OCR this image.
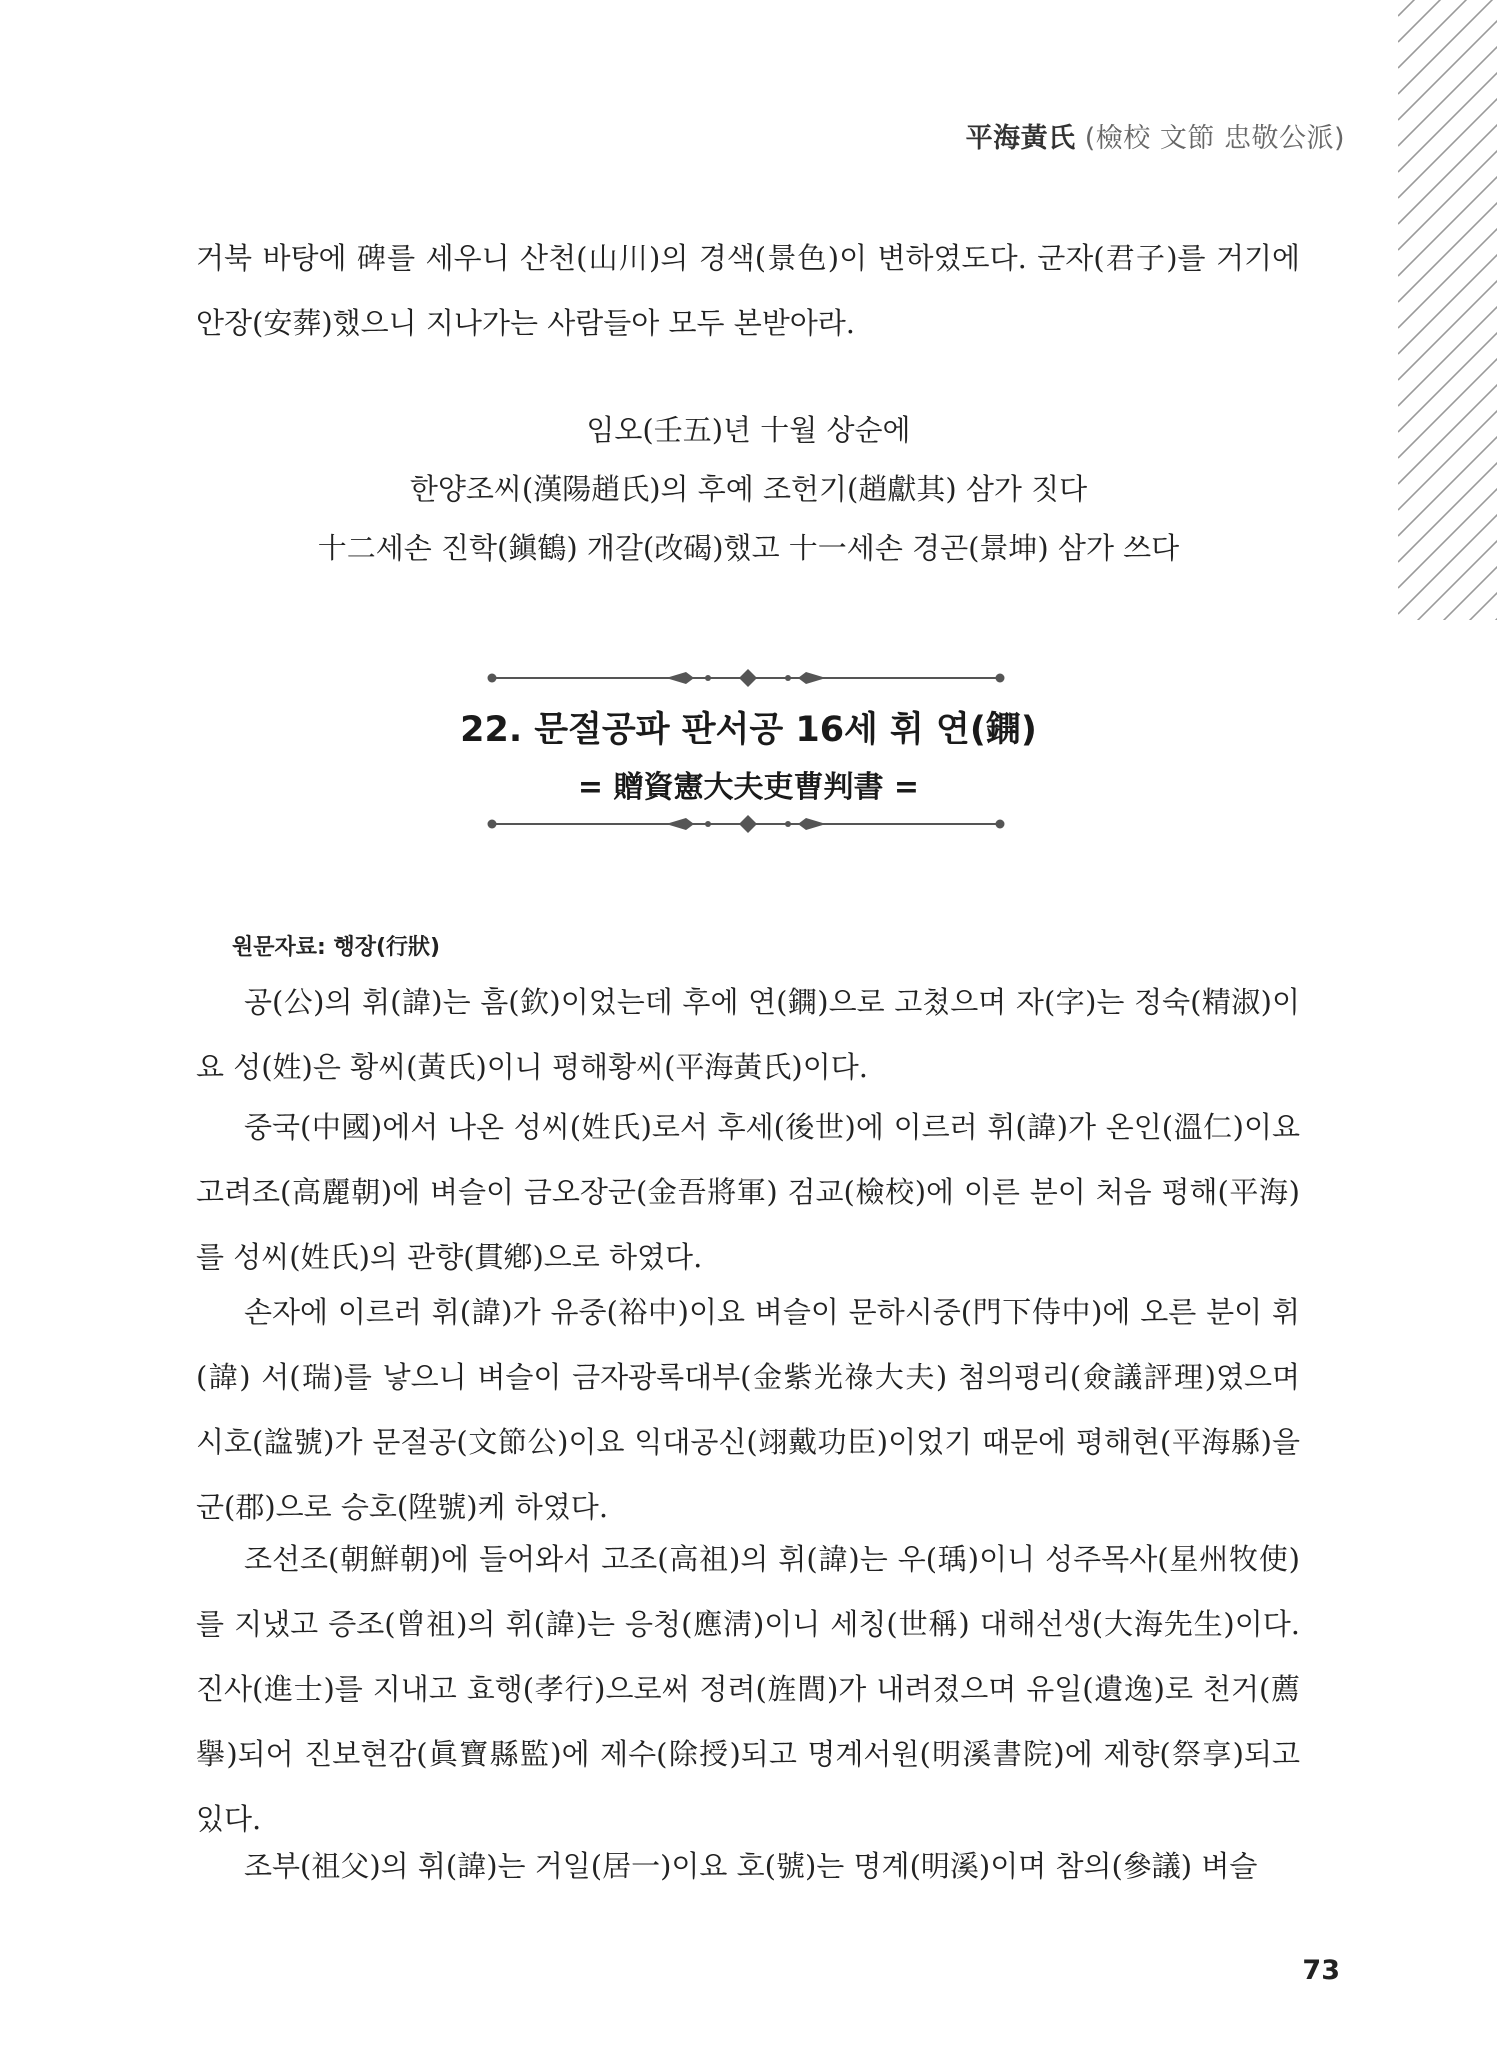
平海黃氏 (檢校 文節 忠敬公派)

거북 바탕에 碑를 세우니 산천(山川)의 경색(景色)이 변하였도다. 군자(君子)를 거기에 안장(安葬)했으니 지나가는 사람들아 모두 본받아라.

임오(壬五)년 十월 상순에

한양조씨(漢陽趙氏)의 후예 조헌기(趙獻其) 삼가 짓다

十二세손 진학(鎭鶴) 개갈(改碣)했고 十一세손 경곤(景坤) 삼가 쓰다

22. 문절공파 판서공 16세 휘 연(鐦)

= 贈資憲大夫吏曹判書 =

원문자료: 행장(行狀)

공(公)의 휘(諱)는 흠(欽)이었는데 후에 연(鐦)으로 고쳤으며 자(字)는 정숙(精淑)이요 성(姓)은 황씨(黃氏)이니 평해황씨(平海黃氏)이다.

중국(中國)에서 나온 성씨(姓氏)로서 후세(後世)에 이르러 휘(諱)가 온인(溫仁)이요 고려조(高麗朝)에 벼슬이 금오장군(金吾將軍) 검교(檢校)에 이른 분이 처음 평해(平海)를 성씨(姓氏)의 관향(貫鄕)으로 하였다.

손자에 이르러 휘(諱)가 유중(裕中)이요 벼슬이 문하시중(門下侍中)에 오른 분이 휘(諱) 서(瑞)를 낳으니 벼슬이 금자광록대부(金紫光祿大夫) 첨의평리(僉議評理)였으며 시호(諡號)가 문절공(文節公)이요 익대공신(翊戴功臣)이었기 때문에 평해현(平海縣)을 군(郡)으로 승호(陞號)케 하였다.

조선조(朝鮮朝)에 들어와서 고조(高祖)의 휘(諱)는 우(瑀)이니 성주목사(星州牧使)를 지냈고 증조(曾祖)의 휘(諱)는 응청(應淸)이니 세칭(世稱) 대해선생(大海先生)이다. 진사(進士)를 지내고 효행(孝行)으로써 정려(旌閭)가 내려졌으며 유일(遺逸)로 천거(薦擧)되어 진보현감(眞寶縣監)에 제수(除授)되고 명계서원(明溪書院)에 제향(祭享)되고 있다.

조부(祖父)의 휘(諱)는 거일(居一)이요 호(號)는 명계(明溪)이며 참의(參議) 벼슬

73
